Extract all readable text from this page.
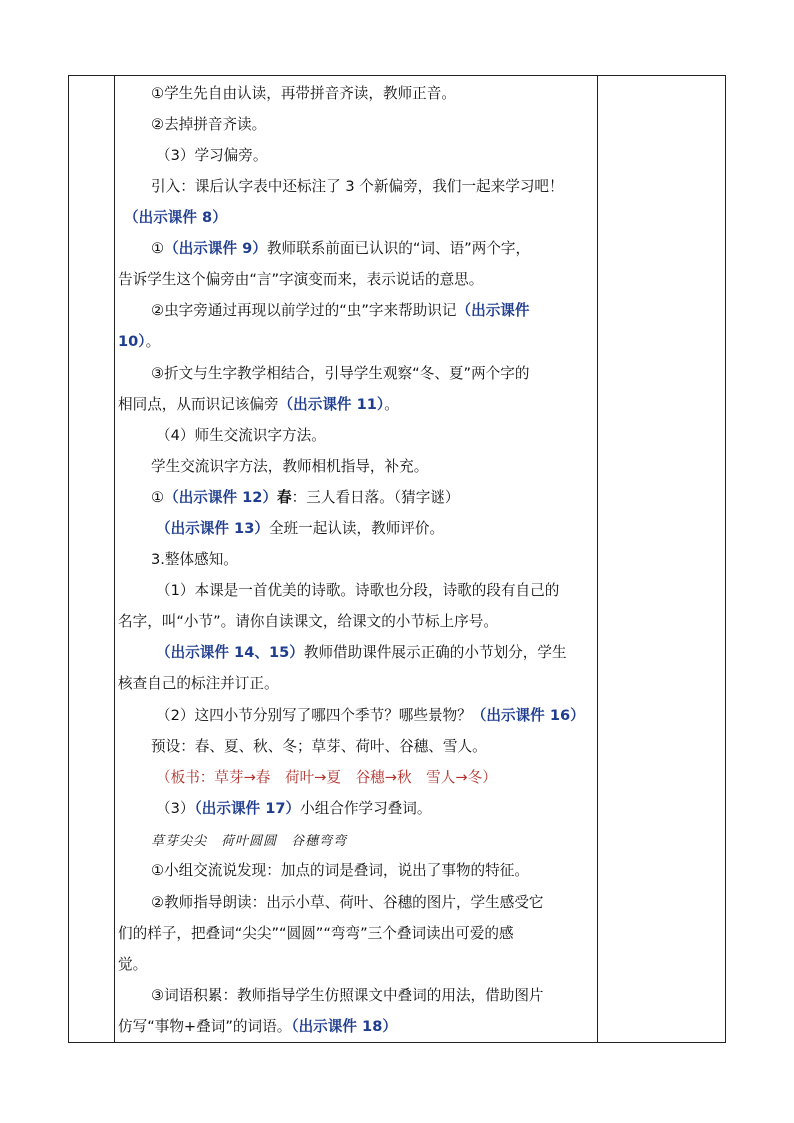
①学生先自由认读，再带拼音齐读，教师正音。
②去掉拼音齐读。
（3）学习偏旁。
引入：课后认字表中还标注了 3 个新偏旁，我们一起来学习吧！
（出示课件 8）
①（出示课件 9）教师联系前面已认识的“词、语”两个字，
告诉学生这个偏旁由“言”字演变而来，表示说话的意思。
②虫字旁通过再现以前学过的“虫”字来帮助识记（出示课件
10）。
③折文与生字教学相结合，引导学生观察“冬、夏”两个字的
相同点，从而识记该偏旁（出示课件 11）。
（4）师生交流识字方法。
学生交流识字方法，教师相机指导，补充。
①（出示课件 12）春：三人看日落。（猜字谜）
（出示课件 13）全班一起认读，教师评价。
3.整体感知。
（1）本课是一首优美的诗歌。诗歌也分段，诗歌的段有自己的
名字，叫“小节”。请你自读课文，给课文的小节标上序号。
（出示课件 14、15）教师借助课件展示正确的小节划分，学生
核查自己的标注并订正。
（2）这四小节分别写了哪四个季节？哪些景物？（出示课件 16）
预设：春、夏、秋、冬；草芽、荷叶、谷穗、雪人。
（板书：草芽→春　荷叶→夏　谷穗→秋　雪人→冬）
（3）（出示课件 17）小组合作学习叠词。
草芽尖尖　荷叶圆圆　谷穗弯弯
①小组交流说发现：加点的词是叠词，说出了事物的特征。
②教师指导朗读：出示小草、荷叶、谷穗的图片，学生感受它
们的样子，把叠词“尖尖”“圆圆”“弯弯”三个叠词读出可爱的感
觉。
③词语积累：教师指导学生仿照课文中叠词的用法，借助图片
仿写“事物+叠词”的词语。（出示课件 18）
